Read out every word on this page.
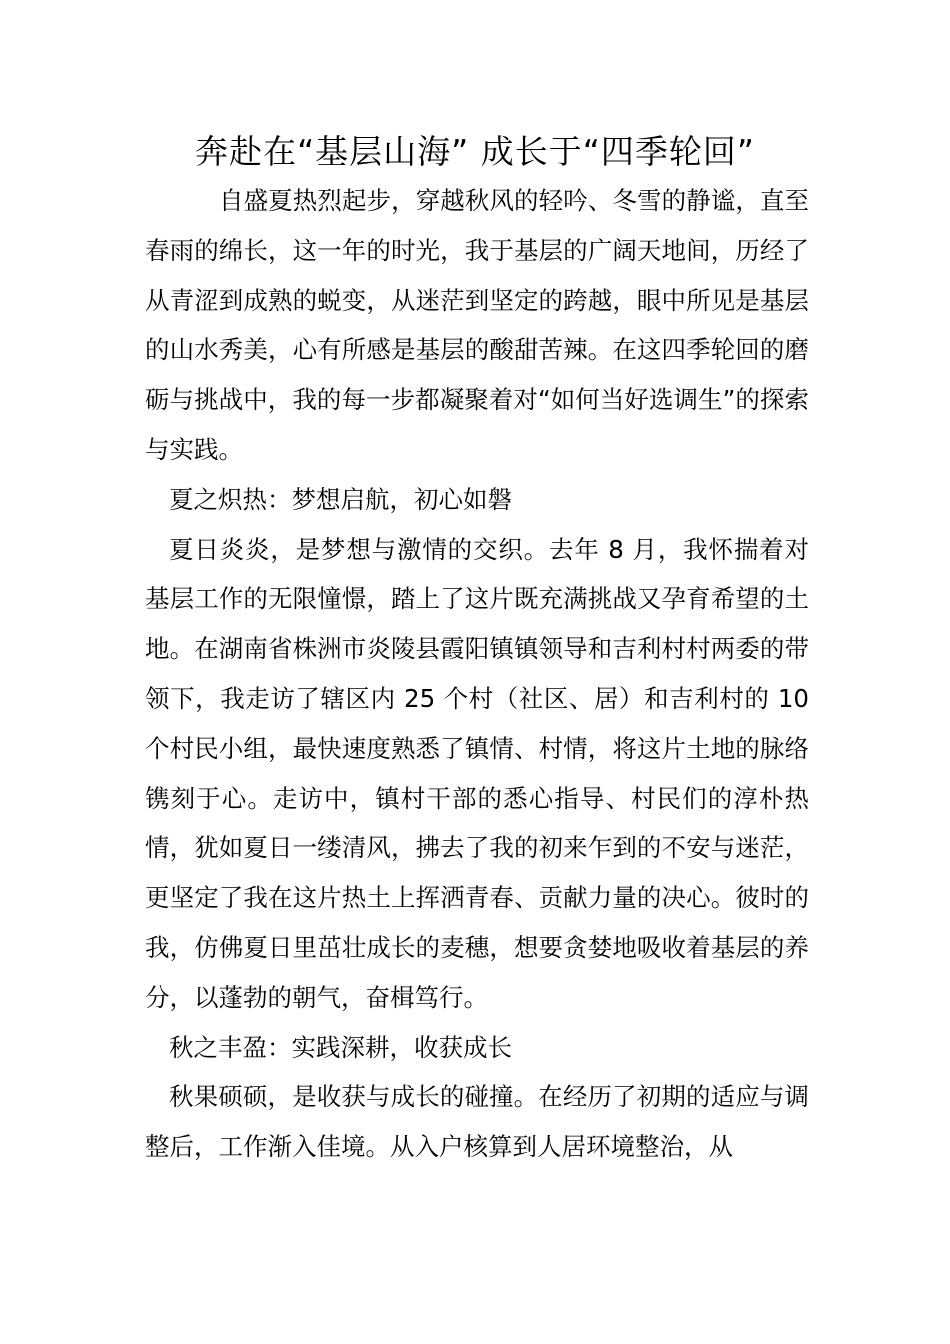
奔赴在“基层山海” 成长于“四季轮回”

自盛夏热烈起步，穿越秋风的轻吟、冬雪的静谧，直至春雨的绵长，这一年的时光，我于基层的广阔天地间，历经了从青涩到成熟的蜕变，从迷茫到坚定的跨越，眼中所见是基层的山水秀美，心有所感是基层的酸甜苦辣。在这四季轮回的磨砺与挑战中，我的每一步都凝聚着对“如何当好选调生”的探索与实践。

夏之炽热：梦想启航，初心如磐

夏日炎炎，是梦想与激情的交织。去年 8 月，我怀揣着对基层工作的无限憧憬，踏上了这片既充满挑战又孕育希望的土地。在湖南省株洲市炎陵县霞阳镇镇领导和吉利村村两委的带领下，我走访了辖区内 25 个村（社区、居）和吉利村的 10 个村民小组，最快速度熟悉了镇情、村情，将这片土地的脉络镌刻于心。走访中，镇村干部的悉心指导、村民们的淳朴热情，犹如夏日一缕清风，拂去了我的初来乍到的不安与迷茫，更坚定了我在这片热土上挥洒青春、贡献力量的决心。彼时的我，仿佛夏日里茁壮成长的麦穗，想要贪婪地吸收着基层的养分，以蓬勃的朝气，奋楫笃行。

秋之丰盈：实践深耕，收获成长

秋果硕硕，是收获与成长的碰撞。在经历了初期的适应与调整后，工作渐入佳境。从入户核算到人居环境整治，从
